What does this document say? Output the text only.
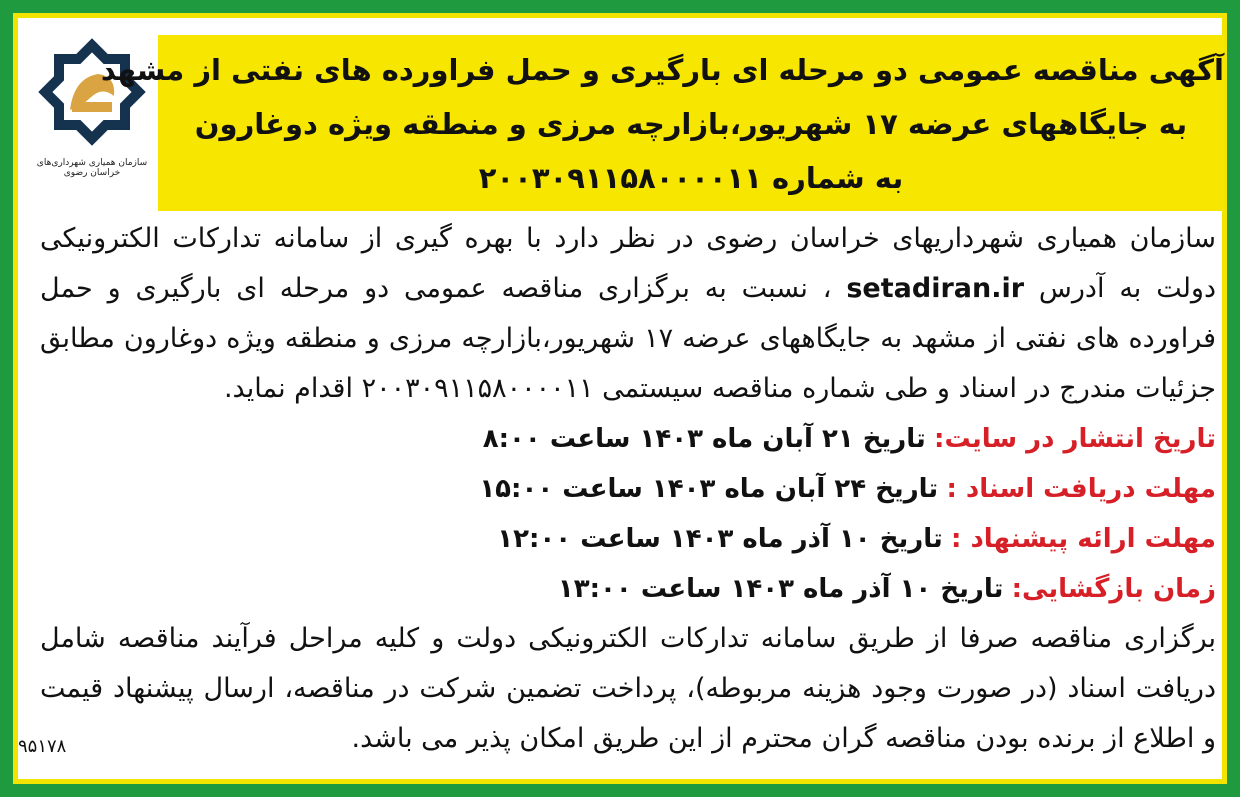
سازمان همیاری شهرداری‌های خراسان رضوی
آگهی مناقصه عمومی دو مرحله ای بارگیری و حمل فراورده های نفتی از مشهد
به جایگاههای عرضه ۱۷ شهریور،بازارچه مرزی و منطقه ویژه دوغارون
به شماره ۲۰۰۳۰۹۱۱۵۸۰۰۰۰۱۱

سازمان همیاری شهرداریهای خراسان رضوی در نظر دارد با بهره گیری از سامانه تدارکات الکترونیکی دولت به آدرس setadiran.ir ، نسبت به برگزاری مناقصه عمومی دو مرحله ای بارگیری و حمل فراورده های نفتی از مشهد به جایگاههای عرضه ۱۷ شهریور،بازارچه مرزی و منطقه ویژه دوغارون مطابق جزئیات مندرج در اسناد و طی شماره مناقصه سیستمی ۲۰۰۳۰۹۱۱۵۸۰۰۰۰۱۱ اقدام نماید.

تاریخ انتشار در سایت: تاریخ ۲۱ آبان ماه ۱۴۰۳ ساعت ۸:۰۰
مهلت دریافت اسناد : تاریخ ۲۴ آبان ماه ۱۴۰۳ ساعت ۱۵:۰۰
مهلت ارائه پیشنهاد : تاریخ ۱۰ آذر ماه ۱۴۰۳ ساعت ۱۲:۰۰
زمان بازگشایی: تاریخ ۱۰ آذر ماه ۱۴۰۳ ساعت ۱۳:۰۰

برگزاری مناقصه صرفا از طریق سامانه تدارکات الکترونیکی دولت و کلیه مراحل فرآیند مناقصه شامل دریافت اسناد (در صورت وجود هزینه مربوطه)، پرداخت تضمین شرکت در مناقصه، ارسال پیشنهاد قیمت و اطلاع از برنده بودن مناقصه گران محترم از این طریق امکان پذیر می باشد.

۹۵۱۷۸
